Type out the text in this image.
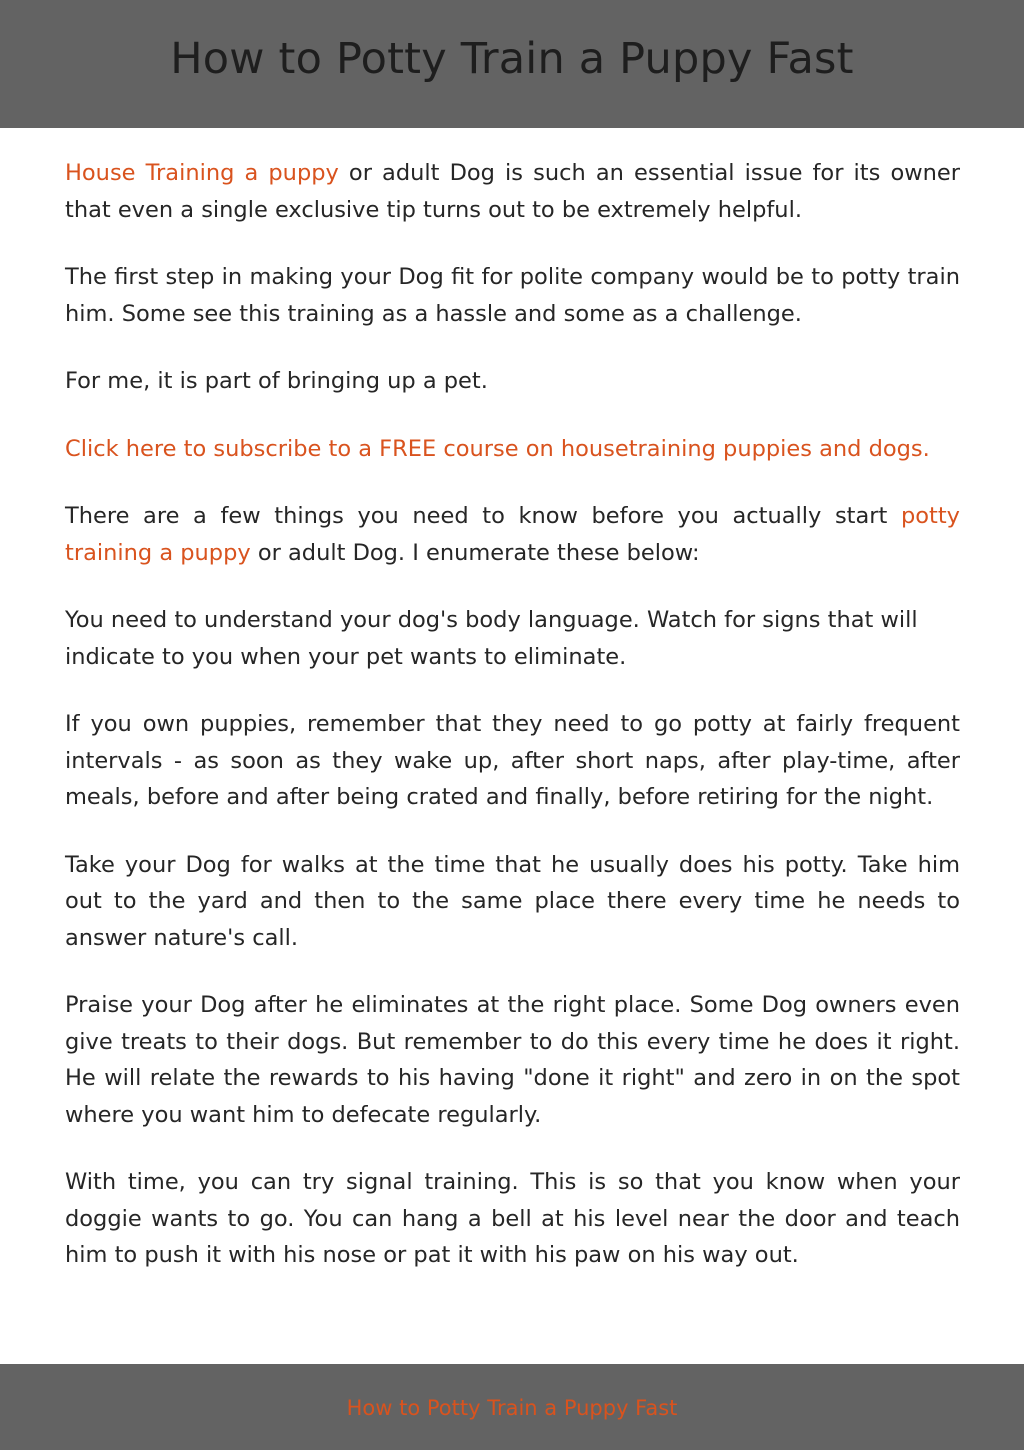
How to Potty Train a Puppy Fast

House Training a puppy or adult Dog is such an essential issue for its owner that even a single exclusive tip turns out to be extremely helpful.

The first step in making your Dog fit for polite company would be to potty train him. Some see this training as a hassle and some as a challenge.

For me, it is part of bringing up a pet.

Click here to subscribe to a FREE course on housetraining puppies and dogs.

There are a few things you need to know before you actually start potty training a puppy or adult Dog. I enumerate these below:

You need to understand your dog's body language. Watch for signs that will indicate to you when your pet wants to eliminate.

If you own puppies, remember that they need to go potty at fairly frequent intervals - as soon as they wake up, after short naps, after play-time, after meals, before and after being crated and finally, before retiring for the night.

Take your Dog for walks at the time that he usually does his potty. Take him out to the yard and then to the same place there every time he needs to answer nature's call.

Praise your Dog after he eliminates at the right place. Some Dog owners even give treats to their dogs. But remember to do this every time he does it right. He will relate the rewards to his having "done it right" and zero in on the spot where you want him to defecate regularly.

With time, you can try signal training. This is so that you know when your doggie wants to go. You can hang a bell at his level near the door and teach him to push it with his nose or pat it with his paw on his way out.

How to Potty Train a Puppy Fast
